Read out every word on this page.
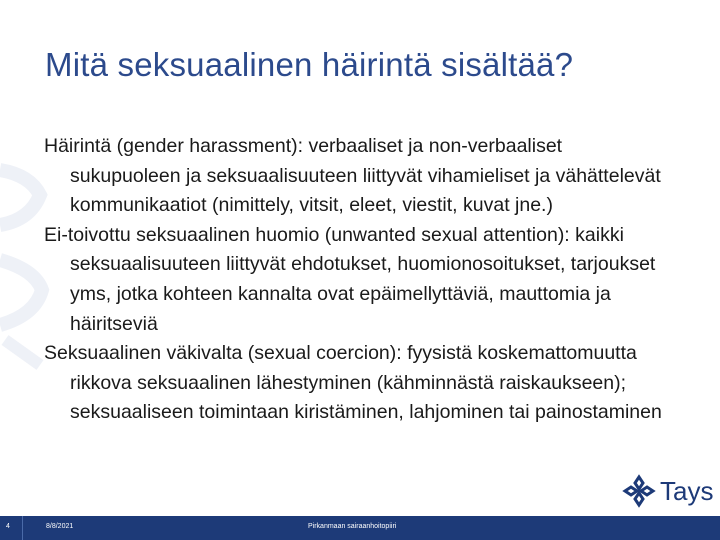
Mitä seksuaalinen häirintä sisältää?

Häirintä (gender harassment): verbaaliset ja non-verbaaliset sukupuoleen ja seksuaalisuuteen liittyvät vihamieliset ja vähättelevät kommunikaatiot (nimittely, vitsit, eleet, viestit, kuvat jne.)

Ei-toivottu seksuaalinen huomio (unwanted sexual attention): kaikki seksuaalisuuteen liittyvät ehdotukset, huomionosoitukset, tarjoukset yms, jotka kohteen kannalta ovat epäimellyttäviä, mauttomia ja häiritseviä

Seksuaalinen väkivalta (sexual coercion): fyysistä koskemattomuutta rikkova seksuaalinen lähestyminen (kähminnästä raiskaukseen); seksuaaliseen toimintaan kiristäminen, lahjominen tai painostaminen

Tays
4	8/8/2021	Pirkanmaan sairaanhoitopiiri
